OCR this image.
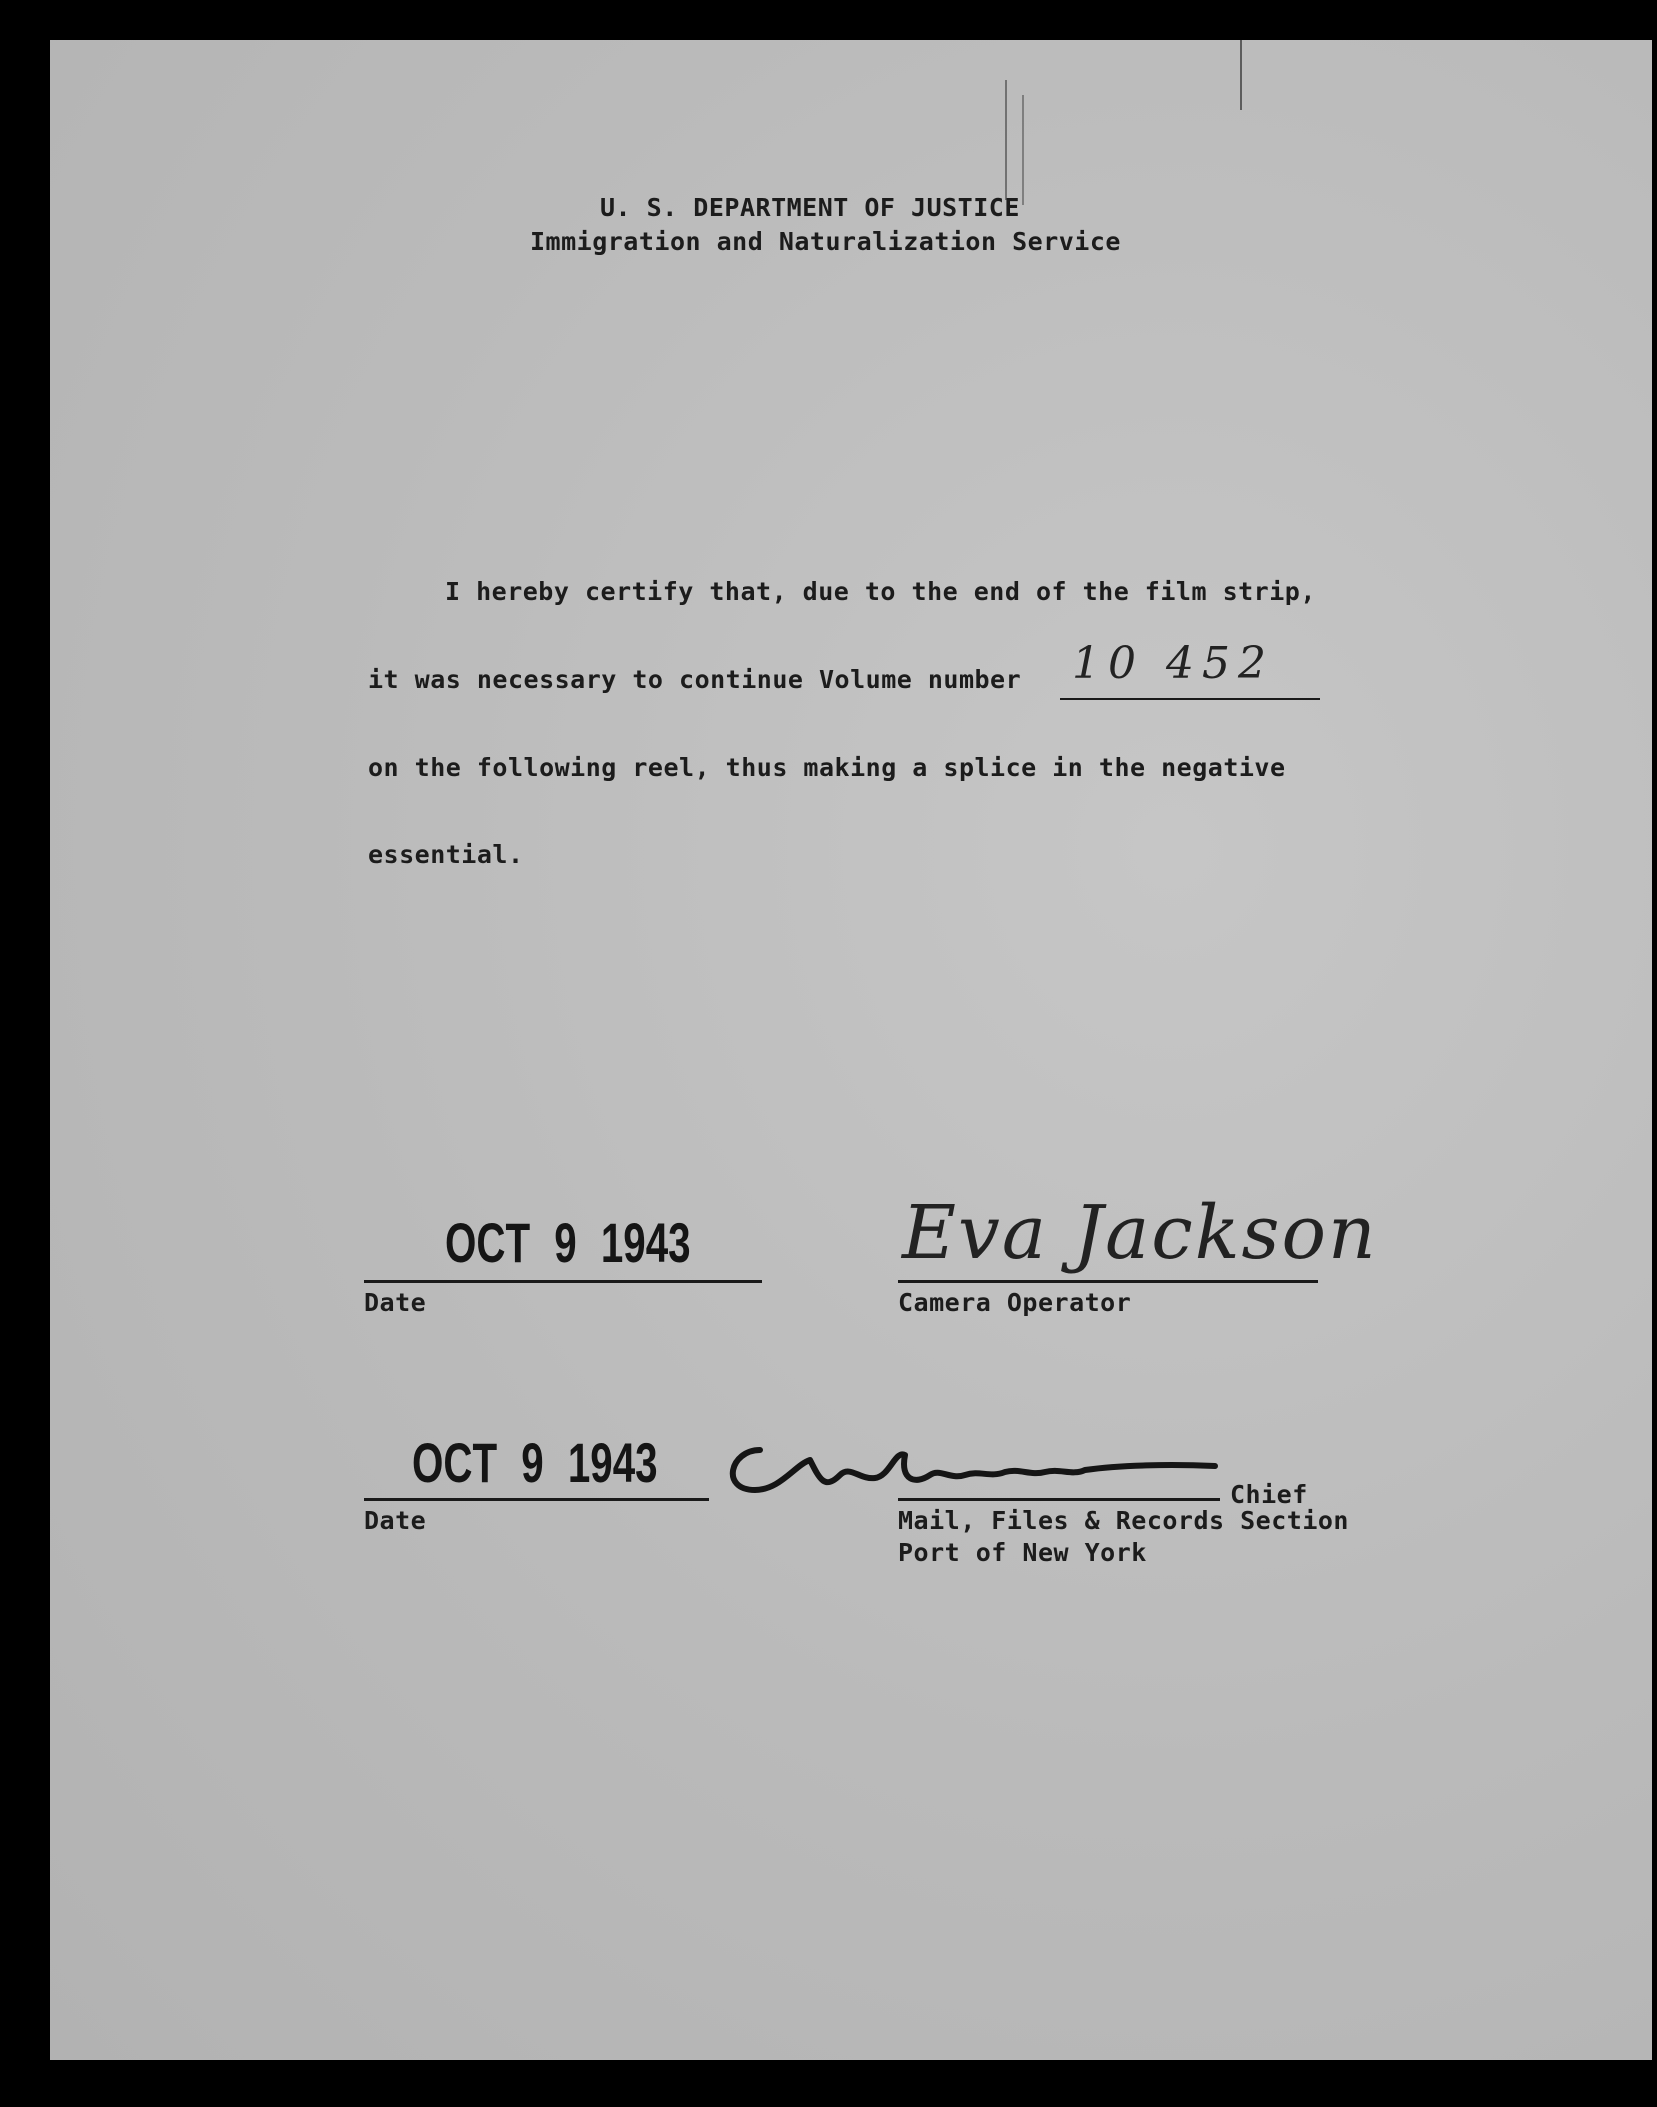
U. S. DEPARTMENT OF JUSTICE
Immigration and Naturalization Service
I hereby certify that, due to the end of the film strip,
it was necessary to continue Volume number 10 452
on the following reel, thus making a splice in the negative
essential.
OCT 9 1943
Date
Eva Jackson
Camera Operator
OCT 9 1943
Date
Chief
Mail, Files & Records Section
Port of New York
